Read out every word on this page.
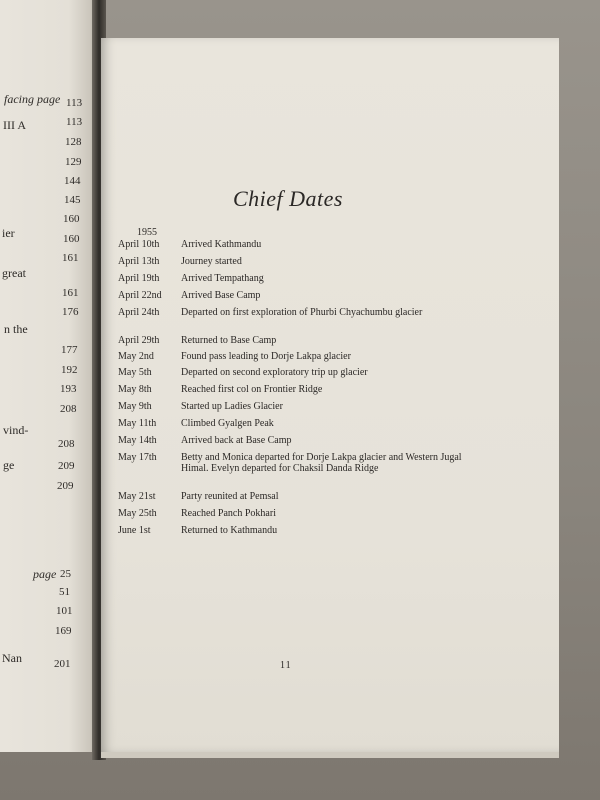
facing page 113
113
III A
128
129
144
145
160
ier	160
161
great
161
176
n the
177
192
193
208
vind-
208
ge	209
209
page 25
51
101
169
Nan	201
Chief Dates
1955
April 10th	Arrived Kathmandu
April 13th	Journey started
April 19th	Arrived Tempathang
April 22nd	Arrived Base Camp
April 24th	Departed on first exploration of Phurbi Chyachumbu glacier
April 29th	Returned to Base Camp
May 2nd	Found pass leading to Dorje Lakpa glacier
May 5th	Departed on second exploratory trip up glacier
May 8th	Reached first col on Frontier Ridge
May 9th	Started up Ladies Glacier
May 11th	Climbed Gyalgen Peak
May 14th	Arrived back at Base Camp
May 17th	Betty and Monica departed for Dorje Lakpa glacier and Western Jugal Himal. Evelyn departed for Chaksil Danda Ridge
May 21st	Party reunited at Pemsal
May 25th	Reached Panch Pokhari
June 1st	Returned to Kathmandu
11
